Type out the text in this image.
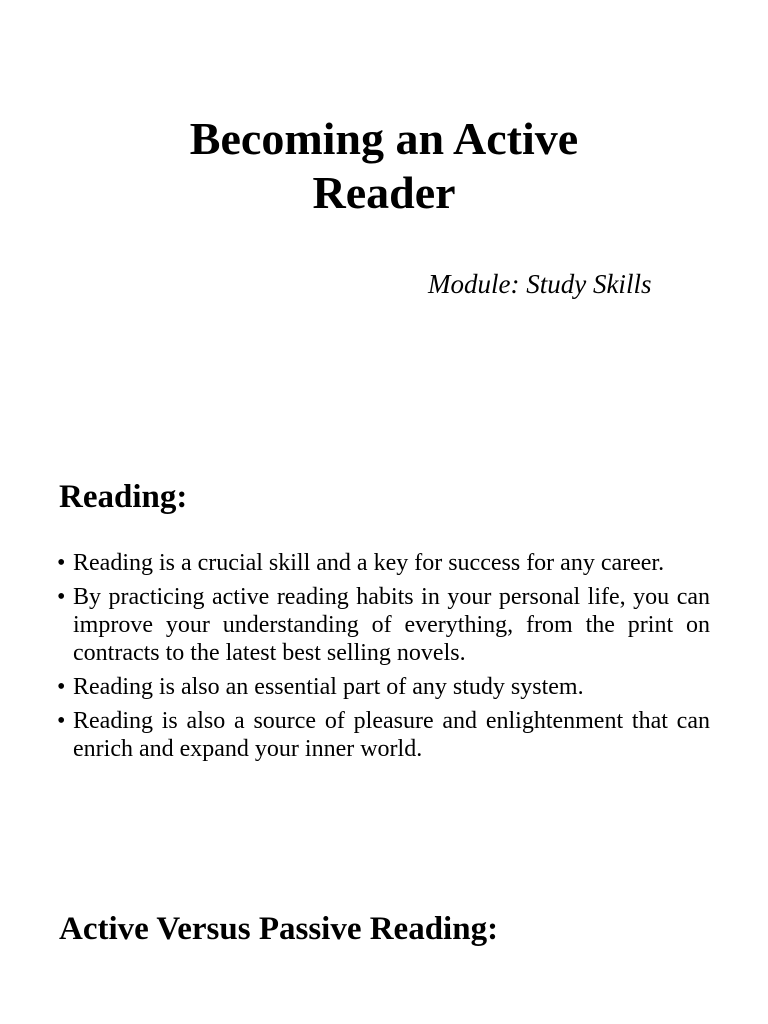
Becoming an Active
Reader
Module: Study Skills
Reading:
• Reading is a crucial skill and a key for success for any career.
• By practicing active reading habits in your personal life, you can improve your understanding of everything, from the print on contracts to the latest best selling novels.
• Reading is also an essential part of any study system.
• Reading is also a source of pleasure and enlightenment that can enrich and expand your inner world.
Active Versus Passive Reading:
